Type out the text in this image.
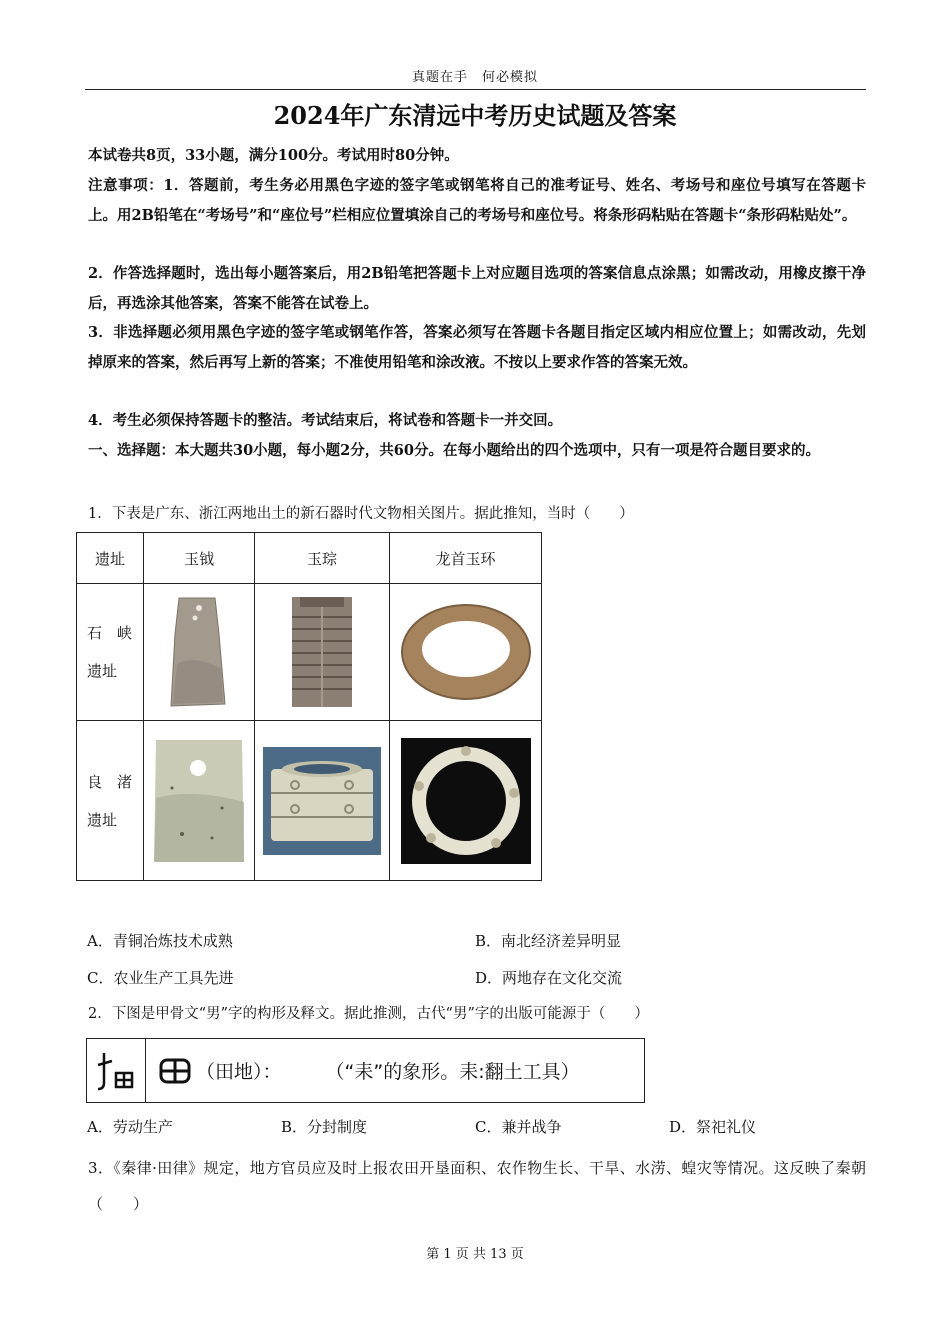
真题在手　何必模拟
2024年广东清远中考历史试题及答案
本试卷共8页，33小题，满分100分。考试用时80分钟。
注意事项：1．答题前，考生务必用黑色字迹的签字笔或钢笔将自己的准考证号、姓名、考场号和座位号填写在答题卡上。用2B铅笔在“考场号”和“座位号”栏相应位置填涂自己的考场号和座位号。将条形码粘贴在答题卡“条形码粘贴处”。
2．作答选择题时，选出每小题答案后，用2B铅笔把答题卡上对应题目选项的答案信息点涂黑；如需改动，用橡皮擦干净后，再选涂其他答案，答案不能答在试卷上。
3．非选择题必须用黑色字迹的签字笔或钢笔作答，答案必须写在答题卡各题目指定区域内相应位置上；如需改动，先划掉原来的答案，然后再写上新的答案；不准使用铅笔和涂改液。不按以上要求作答的答案无效。
4．考生必须保持答题卡的整洁。考试结束后，将试卷和答题卡一并交回。
一、选择题：本大题共30小题，每小题2分，共60分。在每小题给出的四个选项中，只有一项是符合题目要求的。
1．下表是广东、浙江两地出土的新石器时代文物相关图片。据此推知，当时（　　）
遗址	玉钺	玉琮	龙首玉环

石　峡
遗址

良　渚
遗址

A．青铜冶炼技术成熟	B．南北经济差异明显
C．农业生产工具先进	D．两地存在文化交流
2．下图是甲骨文“男”字的构形及释文。据此推测，古代“男”字的出版可能源于（　　）
（田地）： （“耒”的象形。耒:翻土工具）
A．劳动生产	B．分封制度	C．兼并战争	D．祭祀礼仪
3．《秦律·田律》规定，地方官员应及时上报农田开垦面积、农作物生长、干旱、水涝、蝗灾等情况。这反映了秦朝（　　）
第 1 页 共 13 页
